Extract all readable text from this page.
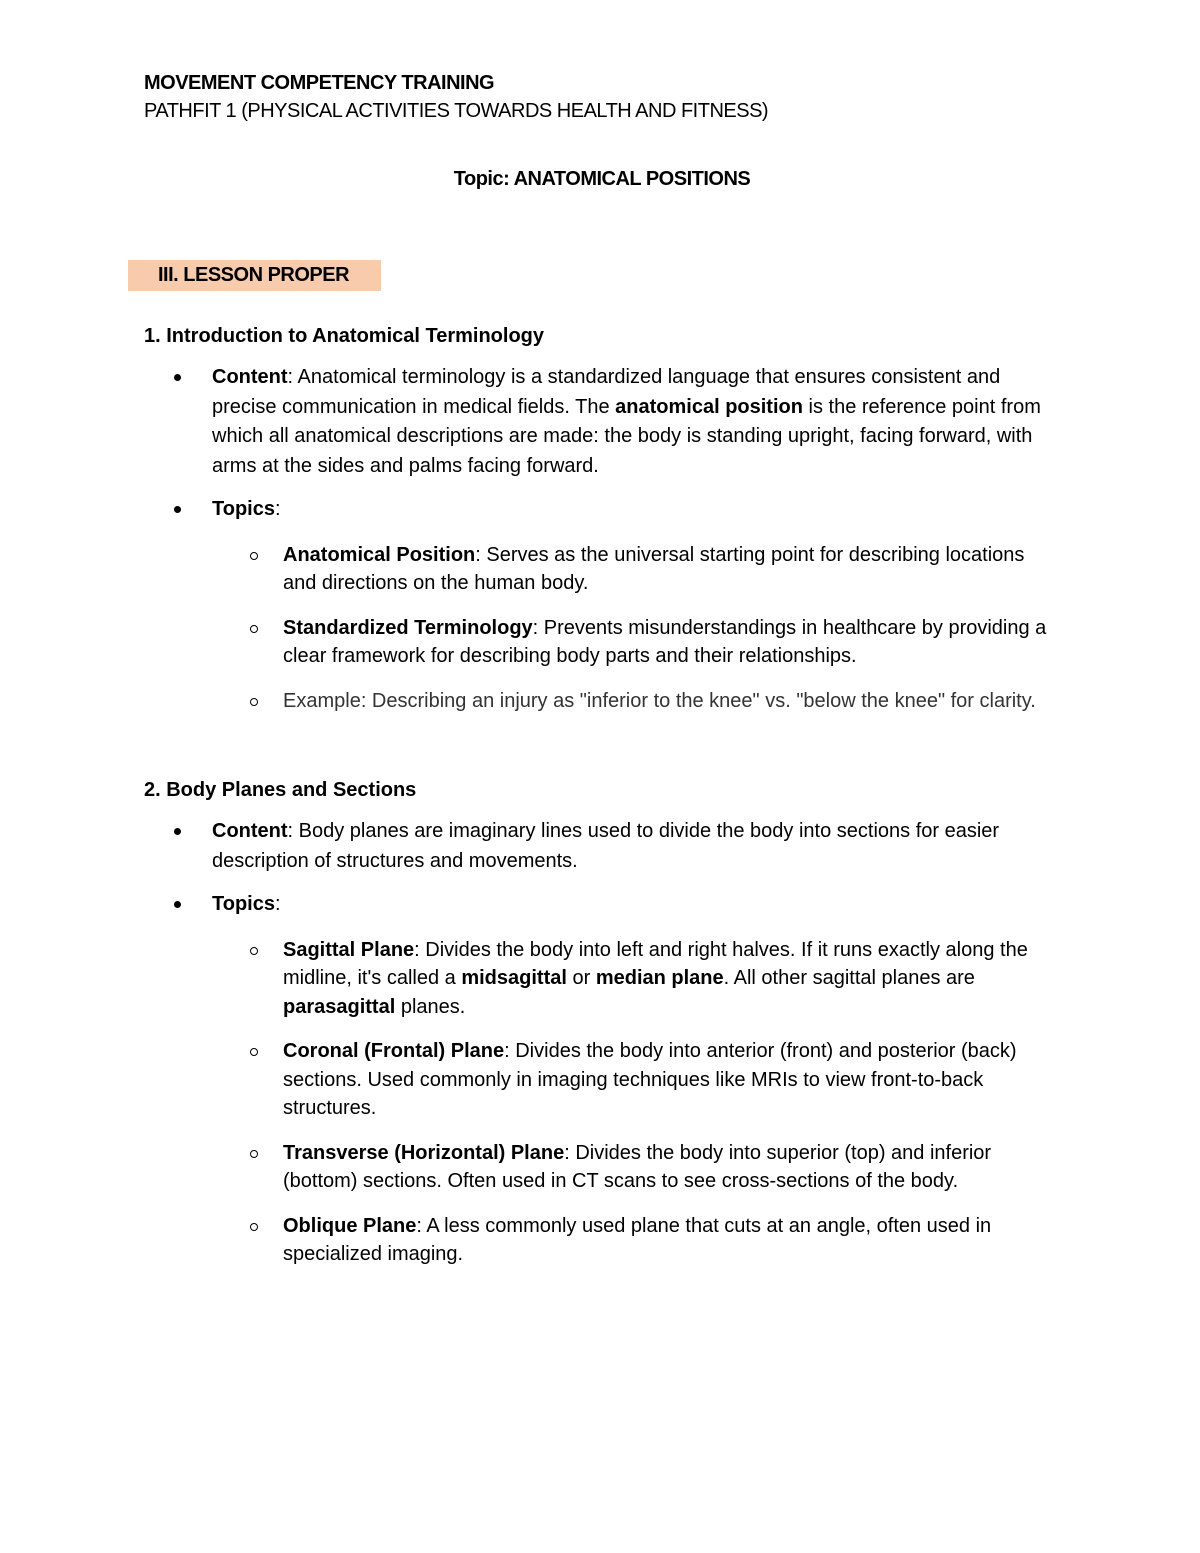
MOVEMENT COMPETENCY TRAINING
PATHFIT 1 (PHYSICAL ACTIVITIES TOWARDS HEALTH AND FITNESS)
Topic: ANATOMICAL POSITIONS
III. LESSON PROPER
1. Introduction to Anatomical Terminology
Content: Anatomical terminology is a standardized language that ensures consistent and precise communication in medical fields. The anatomical position is the reference point from which all anatomical descriptions are made: the body is standing upright, facing forward, with arms at the sides and palms facing forward.
Topics:
Anatomical Position: Serves as the universal starting point for describing locations and directions on the human body.
Standardized Terminology: Prevents misunderstandings in healthcare by providing a clear framework for describing body parts and their relationships.
Example: Describing an injury as "inferior to the knee" vs. "below the knee" for clarity.
2. Body Planes and Sections
Content: Body planes are imaginary lines used to divide the body into sections for easier description of structures and movements.
Topics:
Sagittal Plane: Divides the body into left and right halves. If it runs exactly along the midline, it's called a midsagittal or median plane. All other sagittal planes are parasagittal planes.
Coronal (Frontal) Plane: Divides the body into anterior (front) and posterior (back) sections. Used commonly in imaging techniques like MRIs to view front-to-back structures.
Transverse (Horizontal) Plane: Divides the body into superior (top) and inferior (bottom) sections. Often used in CT scans to see cross-sections of the body.
Oblique Plane: A less commonly used plane that cuts at an angle, often used in specialized imaging.
